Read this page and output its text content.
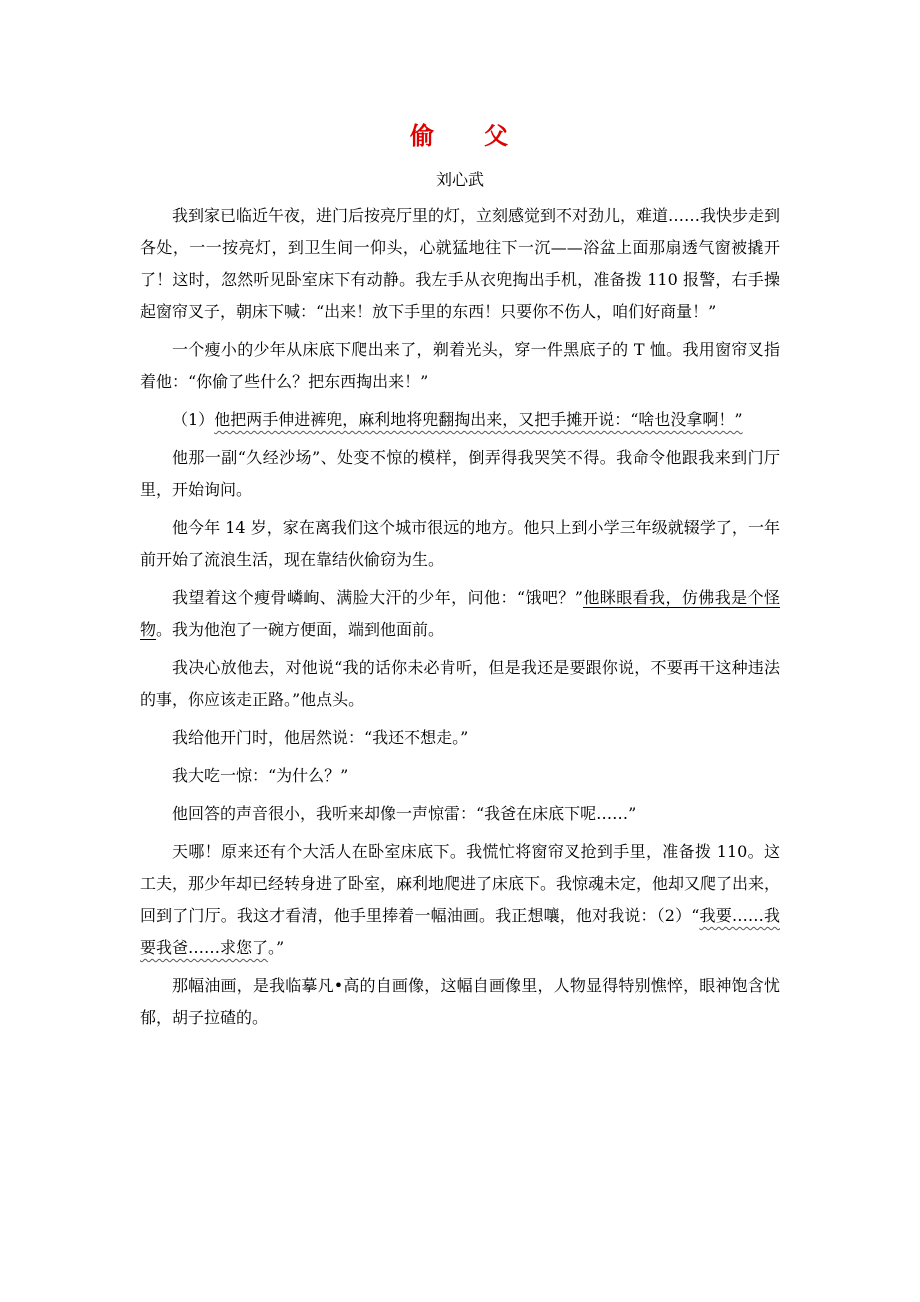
偷 父
刘心武

我到家已临近午夜，进门后按亮厅里的灯，立刻感觉到不对劲儿，难道……我快步走到各处，一一按亮灯，到卫生间一仰头，心就猛地往下一沉——浴盆上面那扇透气窗被撬开了！这时，忽然听见卧室床下有动静。我左手从衣兜掏出手机，准备拨 110 报警，右手操起窗帘叉子，朝床下喊：“出来！放下手里的东西！只要你不伤人，咱们好商量！”

一个瘦小的少年从床底下爬出来了，剃着光头，穿一件黑底子的 T 恤。我用窗帘叉指着他：“你偷了些什么？把东西掏出来！”

（1）他把两手伸进裤兜，麻利地将兜翻掏出来，又把手摊开说：“啥也没拿啊！”

他那一副“久经沙场”、处变不惊的模样，倒弄得我哭笑不得。我命令他跟我来到门厅里，开始询问。

他今年 14 岁，家在离我们这个城市很远的地方。他只上到小学三年级就辍学了，一年前开始了流浪生活，现在靠结伙偷窃为生。

我望着这个瘦骨嶙峋、满脸大汗的少年，问他：“饿吧？”他眯眼看我，仿佛我是个怪物。我为他泡了一碗方便面，端到他面前。

我决心放他去，对他说“我的话你未必肯听，但是我还是要跟你说，不要再干这种违法的事，你应该走正路。”他点头。

我给他开门时，他居然说：“我还不想走。”

我大吃一惊：“为什么？”

他回答的声音很小，我听来却像一声惊雷：“我爸在床底下呢……”

天哪！原来还有个大活人在卧室床底下。我慌忙将窗帘叉抢到手里，准备拨 110。这工夫，那少年却已经转身进了卧室，麻利地爬进了床底下。我惊魂未定，他却又爬了出来，回到了门厅。我这才看清，他手里捧着一幅油画。我正想嚷，他对我说：（2）“我要……我要我爸……求您了。”

那幅油画，是我临摹凡•高的自画像，这幅自画像里，人物显得特别憔悴，眼神饱含忧郁，胡子拉碴的。
